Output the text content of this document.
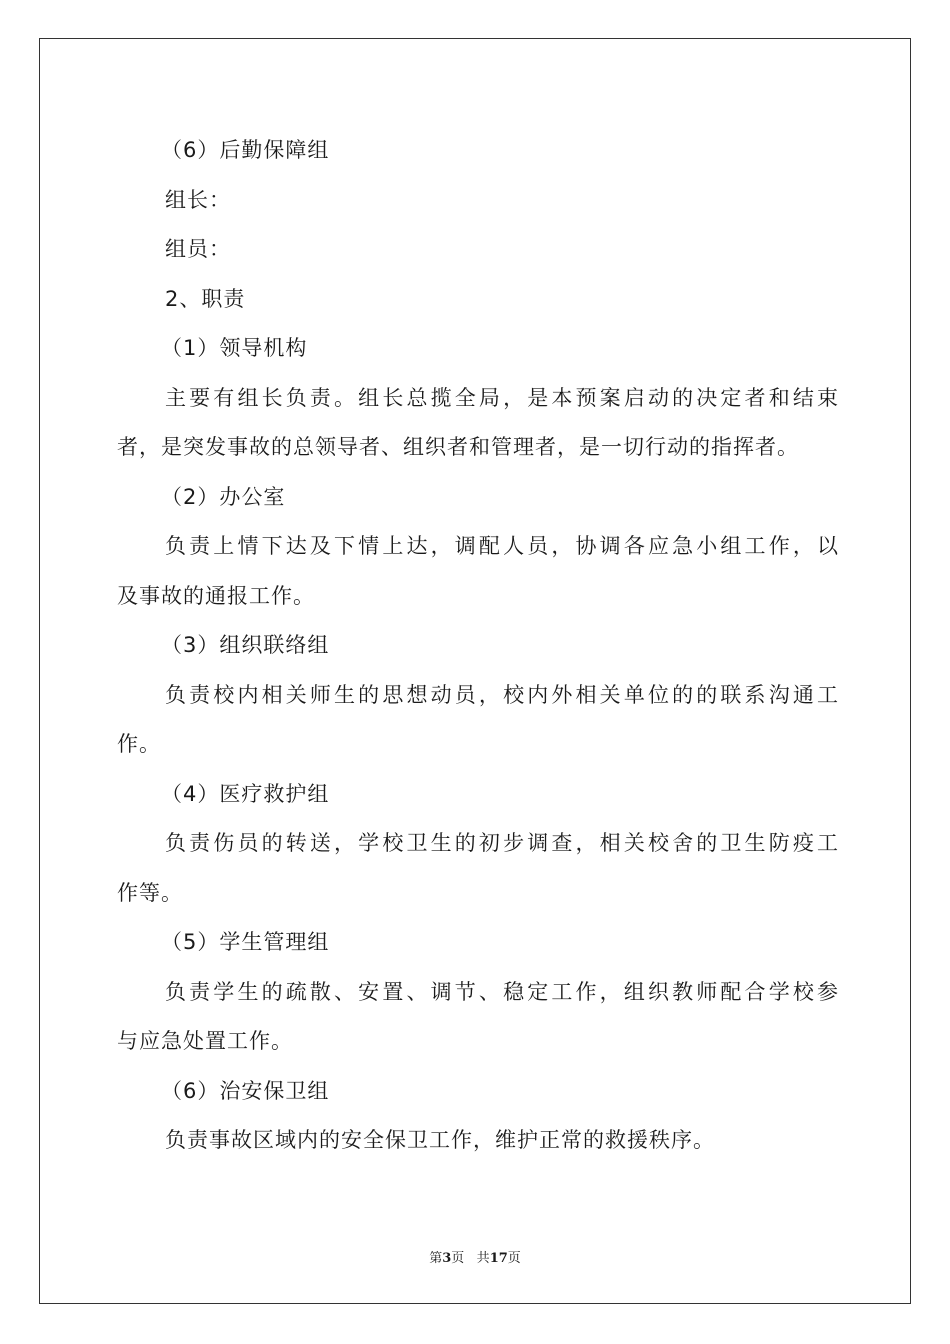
（6）后勤保障组
组长：
组员：
2、职责
（1）领导机构
主要有组长负责。组长总揽全局，是本预案启动的决定者和结束
者，是突发事故的总领导者、组织者和管理者，是一切行动的指挥者。
（2）办公室
负责上情下达及下情上达，调配人员，协调各应急小组工作，以
及事故的通报工作。
（3）组织联络组
负责校内相关师生的思想动员，校内外相关单位的的联系沟通工
作。
（4）医疗救护组
负责伤员的转送，学校卫生的初步调查，相关校舍的卫生防疫工
作等。
（5）学生管理组
负责学生的疏散、安置、调节、稳定工作，组织教师配合学校参
与应急处置工作。
（6）治安保卫组
负责事故区域内的安全保卫工作，维护正常的救援秩序。
第3页 共17页
